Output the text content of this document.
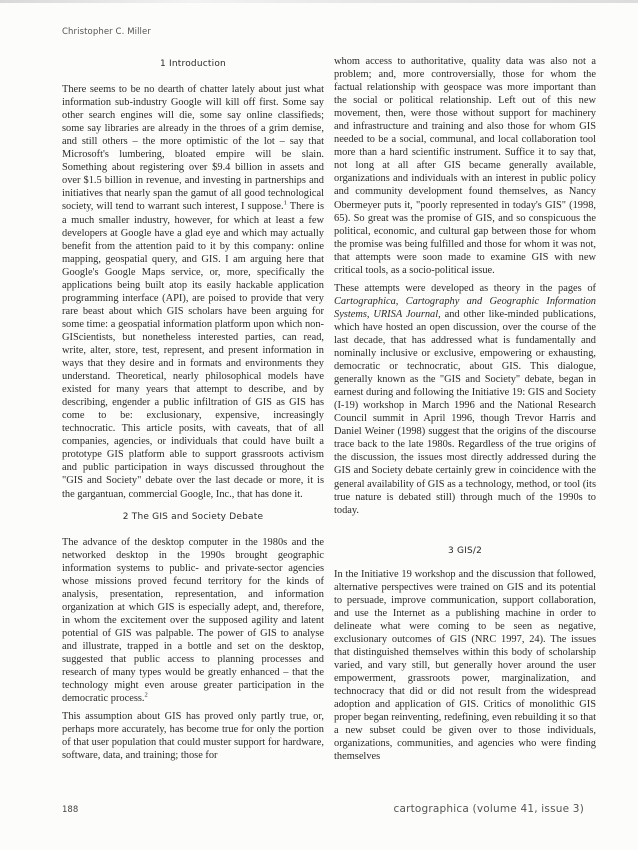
Christopher C. Miller
1 Introduction

There seems to be no dearth of chatter lately about just what information sub-industry Google will kill off first. Some say other search engines will die, some say online classifieds; some say libraries are already in the throes of a grim demise, and still others – the more optimistic of the lot – say that Microsoft's lumbering, bloated empire will be slain. Something about registering over $9.4 billion in assets and over $1.5 billion in revenue, and investing in partnerships and initiatives that nearly span the gamut of all good technological society, will tend to warrant such interest, I suppose.$^1$ There is a much smaller industry, however, for which at least a few developers at Google have a glad eye and which may actually benefit from the attention paid to it by this company: online mapping, geospatial query, and GIS. I am arguing here that Google's Google Maps service, or, more, specifically the applications being built atop its easily hackable application programming interface (API), are poised to provide that very rare beast about which GIS scholars have been arguing for some time: a geospatial information platform upon which non-GIScientists, but nonetheless interested parties, can read, write, alter, store, test, represent, and present information in ways that they desire and in formats and environments they understand. Theoretical, nearly philosophical models have existed for many years that attempt to describe, and by describing, engender a public infiltration of GIS as GIS has come to be: exclusionary, expensive, increasingly technocratic. This article posits, with caveats, that of all companies, agencies, or individuals that could have built a prototype GIS platform able to support grassroots activism and public participation in ways discussed throughout the "GIS and Society" debate over the last decade or more, it is the gargantuan, commercial Google, Inc., that has done it.

2 The GIS and Society Debate

The advance of the desktop computer in the 1980s and the networked desktop in the 1990s brought geographic information systems to public- and private-sector agencies whose missions proved fecund territory for the kinds of analysis, presentation, representation, and information organization at which GIS is especially adept, and, therefore, in whom the excitement over the supposed agility and latent potential of GIS was palpable. The power of GIS to analyse and illustrate, trapped in a bottle and set on the desktop, suggested that public access to planning processes and research of many types would be greatly enhanced – that the technology might even arouse greater participation in the democratic process.$^2$

This assumption about GIS has proved only partly true, or, perhaps more accurately, has become true for only the portion of that user population that could muster support for hardware, software, data, and training; those for

whom access to authoritative, quality data was also not a problem; and, more controversially, those for whom the factual relationship with geospace was more important than the social or political relationship. Left out of this new movement, then, were those without support for machinery and infrastructure and training and also those for whom GIS needed to be a social, communal, and local collaboration tool more than a hard scientific instrument. Suffice it to say that, not long at all after GIS became generally available, organizations and individuals with an interest in public policy and community development found themselves, as Nancy Obermeyer puts it, "poorly represented in today's GIS" (1998, 65). So great was the promise of GIS, and so conspicuous the political, economic, and cultural gap between those for whom the promise was being fulfilled and those for whom it was not, that attempts were soon made to examine GIS with new critical tools, as a socio-political issue.

These attempts were developed as theory in the pages of Cartographica, Cartography and Geographic Information Systems, URISA Journal, and other like-minded publications, which have hosted an open discussion, over the course of the last decade, that has addressed what is fundamentally and nominally inclusive or exclusive, empowering or exhausting, democratic or technocratic, about GIS. This dialogue, generally known as the "GIS and Society" debate, began in earnest during and following the Initiative 19: GIS and Society (I-19) workshop in March 1996 and the National Research Council summit in April 1996, though Trevor Harris and Daniel Weiner (1998) suggest that the origins of the discourse trace back to the late 1980s. Regardless of the true origins of the discussion, the issues most directly addressed during the GIS and Society debate certainly grew in coincidence with the general availability of GIS as a technology, method, or tool (its true nature is debated still) through much of the 1990s to today.

3 GIS/2

In the Initiative 19 workshop and the discussion that followed, alternative perspectives were trained on GIS and its potential to persuade, improve communication, support collaboration, and use the Internet as a publishing machine in order to delineate what were coming to be seen as negative, exclusionary outcomes of GIS (NRC 1997, 24). The issues that distinguished themselves within this body of scholarship varied, and vary still, but generally hover around the user empowerment, grassroots power, marginalization, and technocracy that did or did not result from the widespread adoption and application of GIS. Critics of monolithic GIS proper began reinventing, redefining, even rebuilding it so that a new subset could be given over to those individuals, organizations, communities, and agencies who were finding themselves

188	cartographica (volume 41, issue 3)
